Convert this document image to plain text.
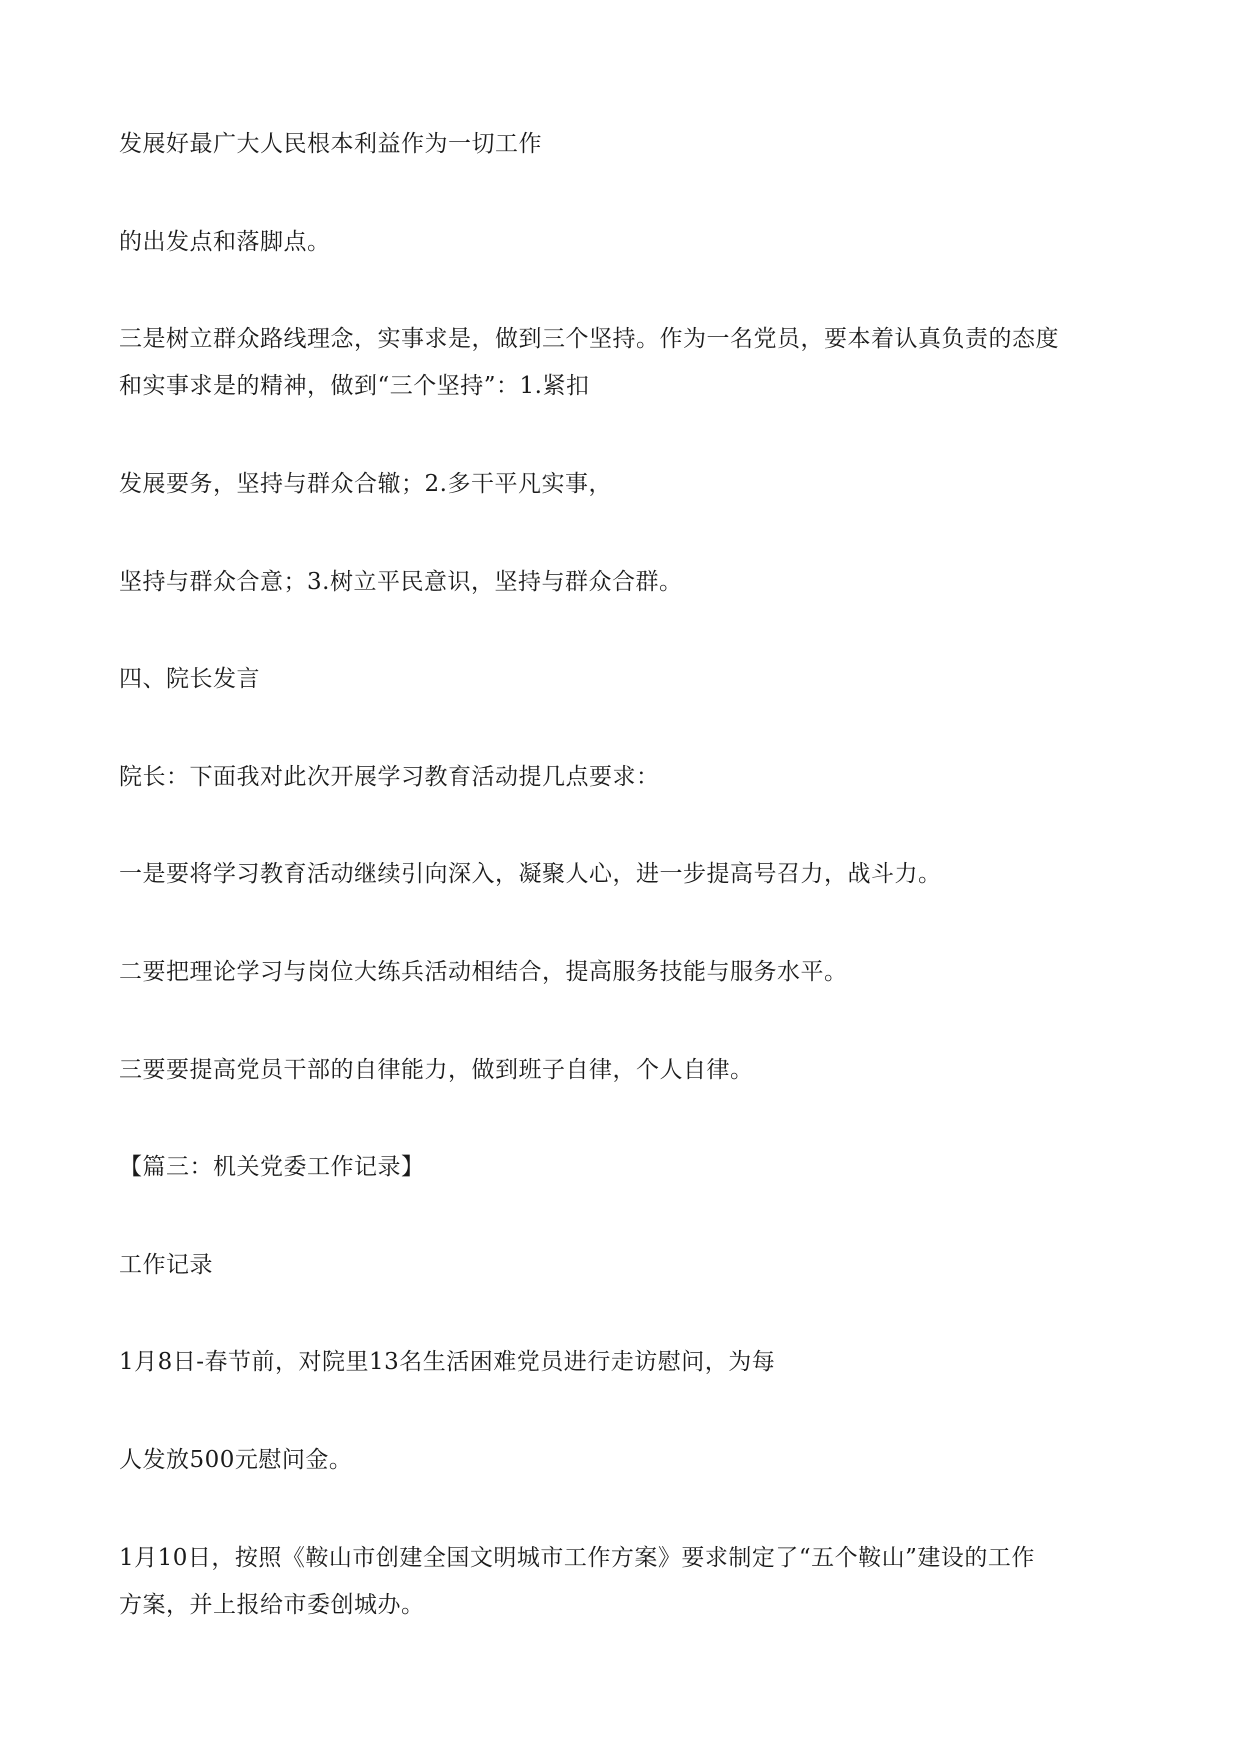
发展好最广大人民根本利益作为一切工作
的出发点和落脚点。
三是树立群众路线理念，实事求是，做到三个坚持。作为一名党员，要本着认真负责的态度
和实事求是的精神，做到“三个坚持”：1.紧扣
发展要务，坚持与群众合辙；2.多干平凡实事，
坚持与群众合意；3.树立平民意识，坚持与群众合群。
四、院长发言
院长：下面我对此次开展学习教育活动提几点要求：
一是要将学习教育活动继续引向深入，凝聚人心，进一步提高号召力，战斗力。
二要把理论学习与岗位大练兵活动相结合，提高服务技能与服务水平。
三要要提高党员干部的自律能力，做到班子自律，个人自律。
【篇三：机关党委工作记录】
工作记录
1月8日-春节前，对院里13名生活困难党员进行走访慰问，为每
人发放500元慰问金。
1月10日，按照《鞍山市创建全国文明城市工作方案》要求制定了“五个鞍山”建设的工作
方案，并上报给市委创城办。
